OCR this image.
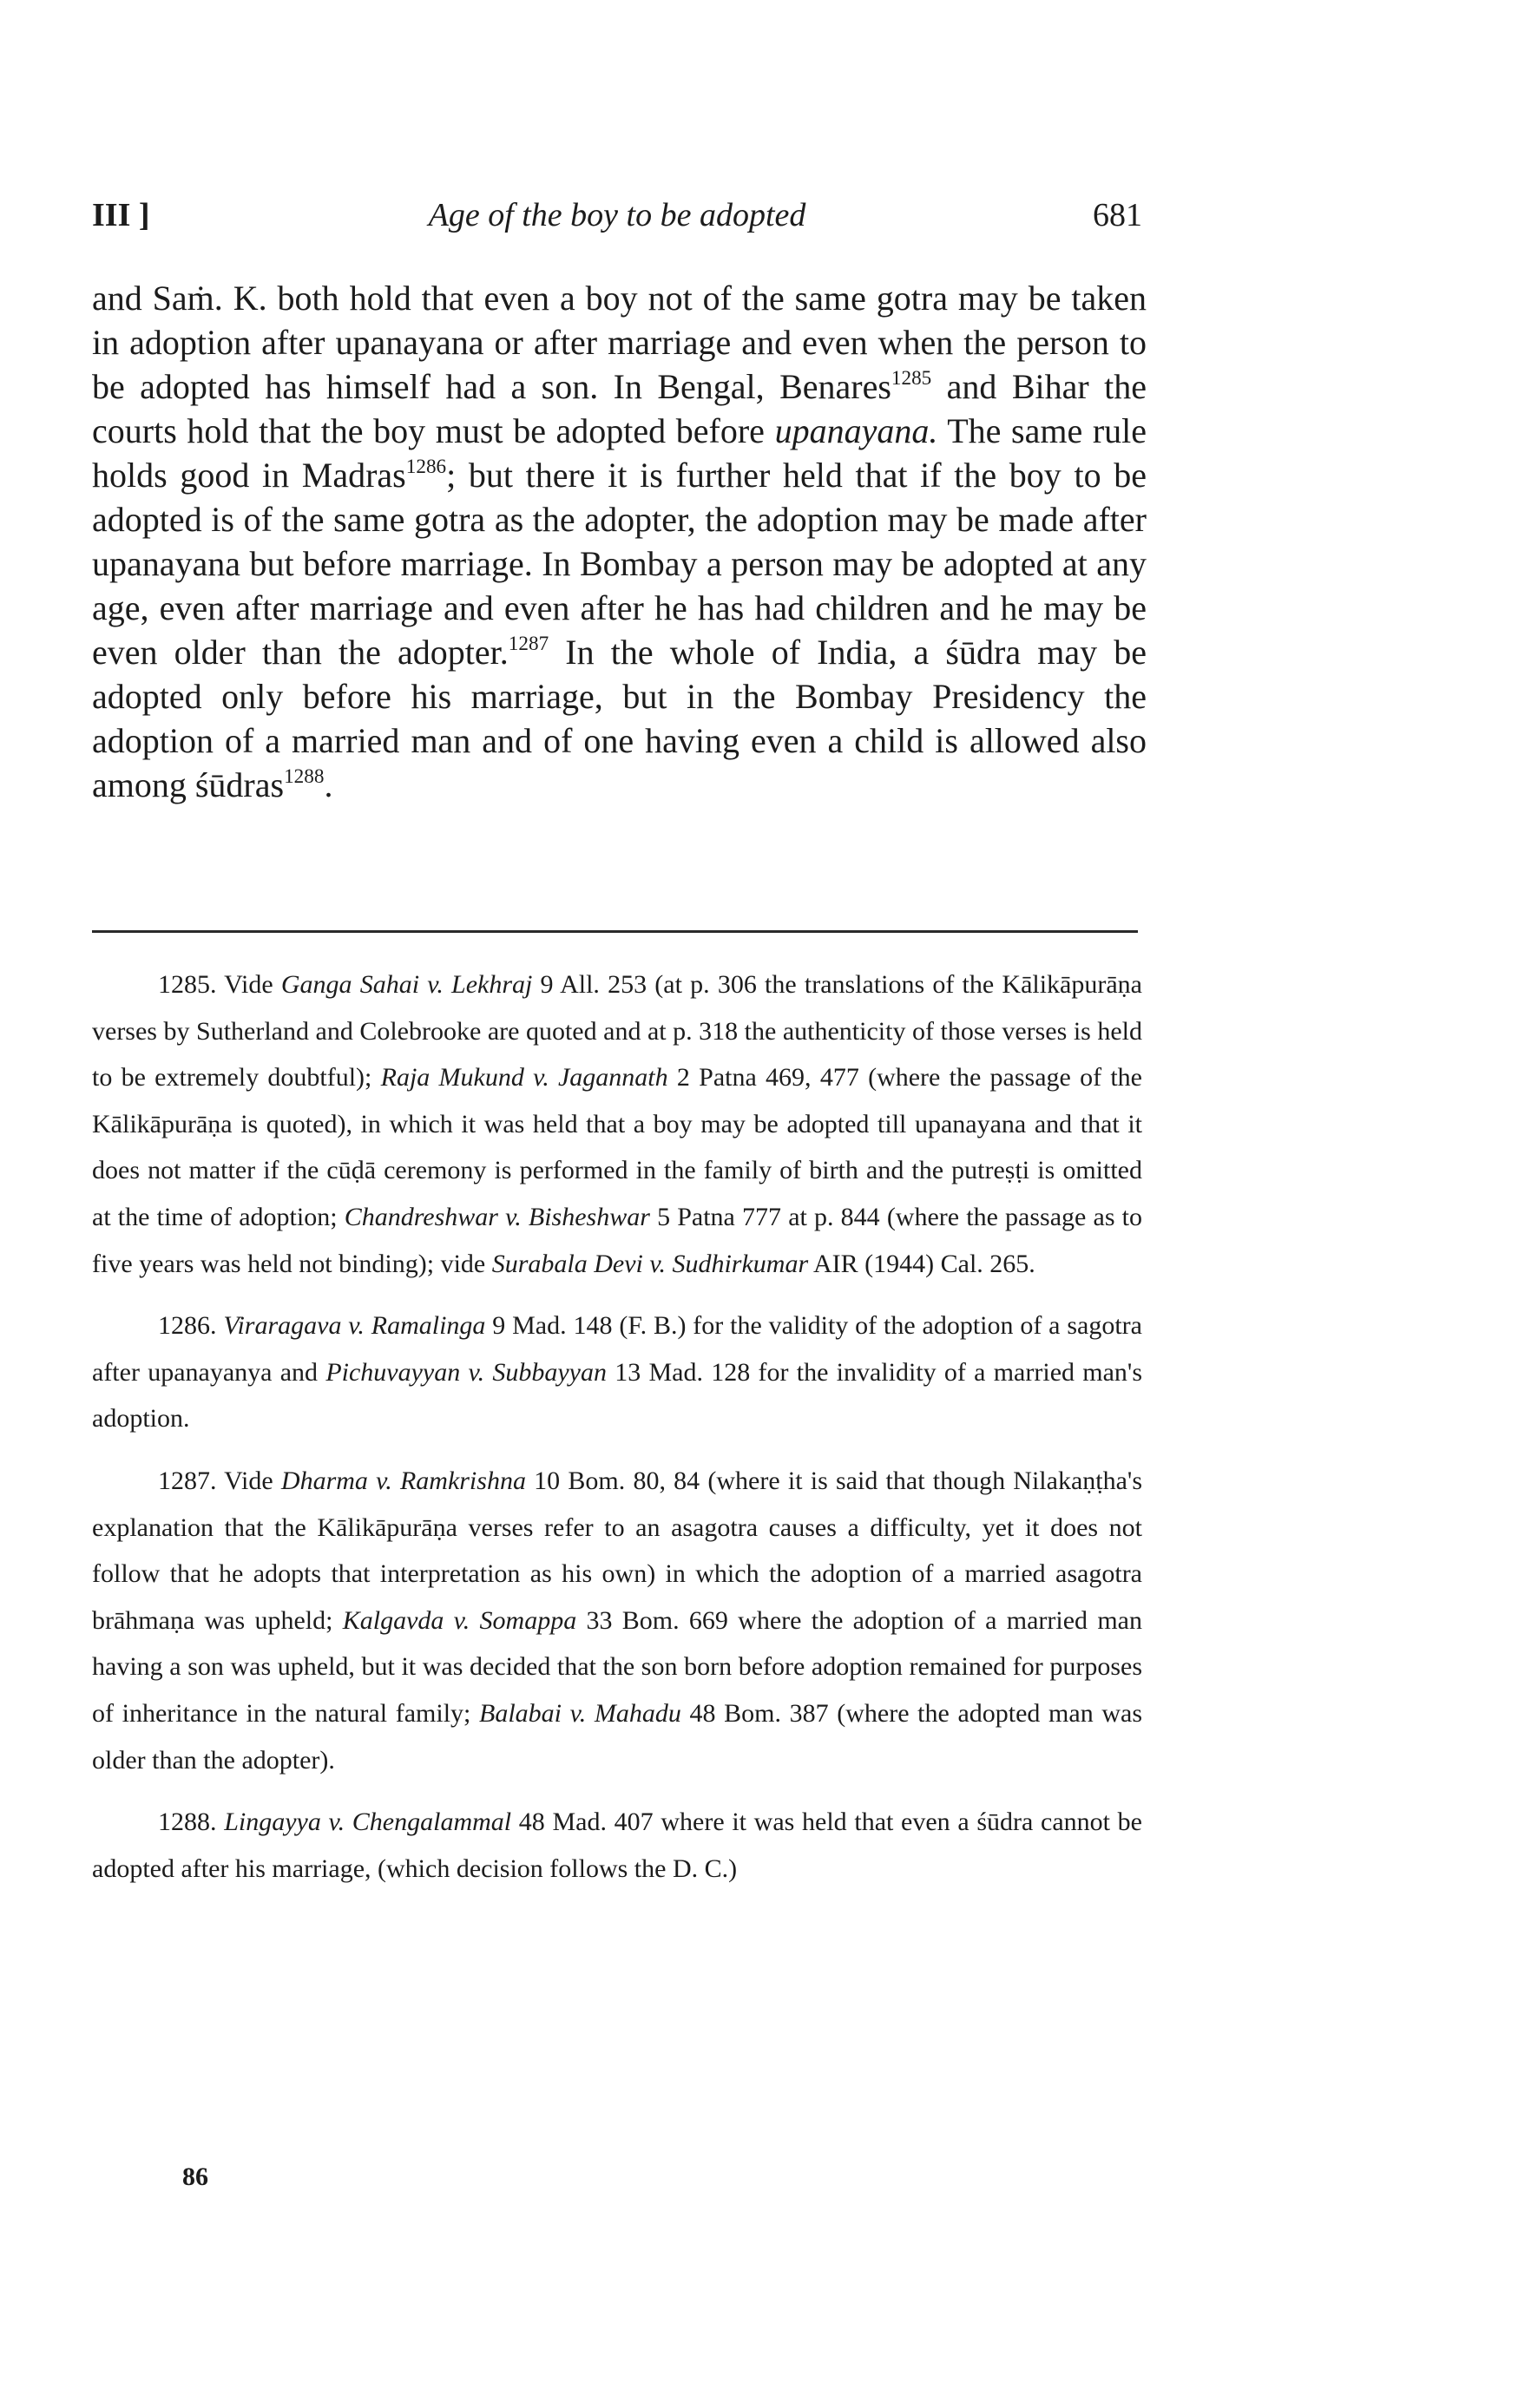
III ]	Age of the boy to be adopted	681

and Saṁ. K. both hold that even a boy not of the same gotra may be taken in adoption after upanayana or after marriage and even when the person to be adopted has himself had a son. In Bengal, Benares$^{1285}$ and Bihar the courts hold that the boy must be adopted before upanayana. The same rule holds good in Madras$^{1286}$; but there it is further held that if the boy to be adopted is of the same gotra as the adopter, the adoption may be made after upanayana but before marriage. In Bombay a person may be adopted at any age, even after marriage and even after he has had children and he may be even older than the adopter.$^{1287}$ In the whole of India, a śūdra may be adopted only before his marriage, but in the Bombay Presidency the adoption of a married man and of one having even a child is allowed also among śūdras$^{1288}$.

1285. Vide Ganga Sahai v. Lekhraj 9 All. 253 (at p. 306 the translations of the Kālikāpurāṇa verses by Sutherland and Colebrooke are quoted and at p. 318 the authenticity of those verses is held to be extremely doubtful); Raja Mukund v. Jagannath 2 Patna 469, 477 (where the passage of the Kālikāpurāṇa is quoted), in which it was held that a boy may be adopted till upanayana and that it does not matter if the cūḍā ceremony is performed in the family of birth and the putreṣṭi is omitted at the time of adoption; Chandreshwar v. Bisheshwar 5 Patna 777 at p. 844 (where the passage as to five years was held not binding); vide Surabala Devi v. Sudhirkumar AIR (1944) Cal. 265.

1286. Viraragava v. Ramalinga 9 Mad. 148 (F. B.) for the validity of the adoption of a sagotra after upanayanya and Pichuvayyan v. Subbayyan 13 Mad. 128 for the invalidity of a married man's adoption.

1287. Vide Dharma v. Ramkrishna 10 Bom. 80, 84 (where it is said that though Nilakaṇṭha's explanation that the Kālikāpurāṇa verses refer to an asagotra causes a difficulty, yet it does not follow that he adopts that interpretation as his own) in which the adoption of a married asagotra brāhmaṇa was upheld; Kalgavda v. Somappa 33 Bom. 669 where the adoption of a married man having a son was upheld, but it was decided that the son born before adoption remained for purposes of inheritance in the natural family; Balabai v. Mahadu 48 Bom. 387 (where the adopted man was older than the adopter).

1288. Lingayya v. Chengalammal 48 Mad. 407 where it was held that even a śūdra cannot be adopted after his marriage, (which decision follows the D. C.)

86
